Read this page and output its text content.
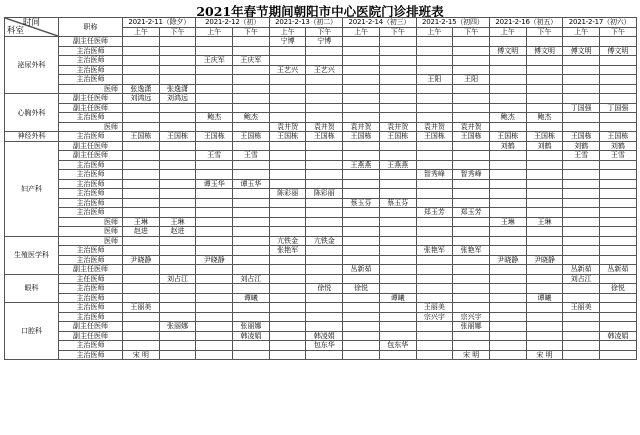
2021年春节期间朝阳市中心医院门诊排班表
时间
科室	职称	2021-2-11（除夕）		2021-2-12（初）		2021-2-13（初二）		2021-2-14（初三）		2021-2-15（初四）		2021-2-16（初五）		2021-2-17（初六）	
		上午	下午	上午	下午	上午	下午	上午	下午	上午	下午	上午	下午	上午	下午
泌尿外科	副主任医师					宁博	宁博								
	主治医师											傅文明	傅文明	傅文明	傅文明
	主治医师			王庆军	王庆军										
	主治医师					王艺兴	王艺兴								
	主治医师									王阳	王阳				
	医师	张逸潇	张逸潇												
心胸外科	副主任医师	刘鸿远	刘鸿远												
	副主任医师													丁国强	丁国强
	主治医师			鲍杰	鲍杰							鲍杰	鲍杰		
	医师					袁井贺	袁井贺	袁井贺	袁井贺	袁井贺	袁井贺				
神经外科	主治医师	王国栋	王国栋	王国栋	王国栋	王国栋	王国栋	王国栋	王国栋	王国栋	王国栋	王国栋	王国栋	王国栋	王国栋
妇产科	副主任医师											刘鹤	刘鹤	刘鹤	刘鹤
	副主任医师			王雪	王雪									王雪	王雪
	主治医师							王燕燕	王燕燕						
	主治医师									智秀峰	智秀峰				
	主治医师			谭玉华	谭玉华										
	主治医师					陈彩丽	陈彩丽								
	主治医师							蔡玉芬	蔡玉芬						
	主治医师									郑玉芳	郑玉芳				
	医师	王琳	王琳									王琳	王琳		
	医师	赵进	赵进												
生殖医学科	医师					亢铁金	亢铁金								
	主治医师					张艳军				张艳军	张艳军				
	主治医师	尹晓静		尹晓静								尹晓静	尹晓静		
	副主任医师							丛新茹						丛新茹	丛新茹
眼科	主任医师		刘占江		刘占江									刘占江	
	主治医师						徐悦	徐悦							徐悦
	主治医师				谭曦				谭曦				谭曦		
口腔科	主治医师	王丽美								王丽美				王丽美	
	主治医师									宗兴宇	宗兴宇				
	副主任医师		张丽娜		张丽娜						张丽娜				
	副主任医师				韩凌娟		韩凌娟								韩凌娟
	主治医师						包东华		包东华						
	主治医师	宋 明									宋 明		宋 明		
